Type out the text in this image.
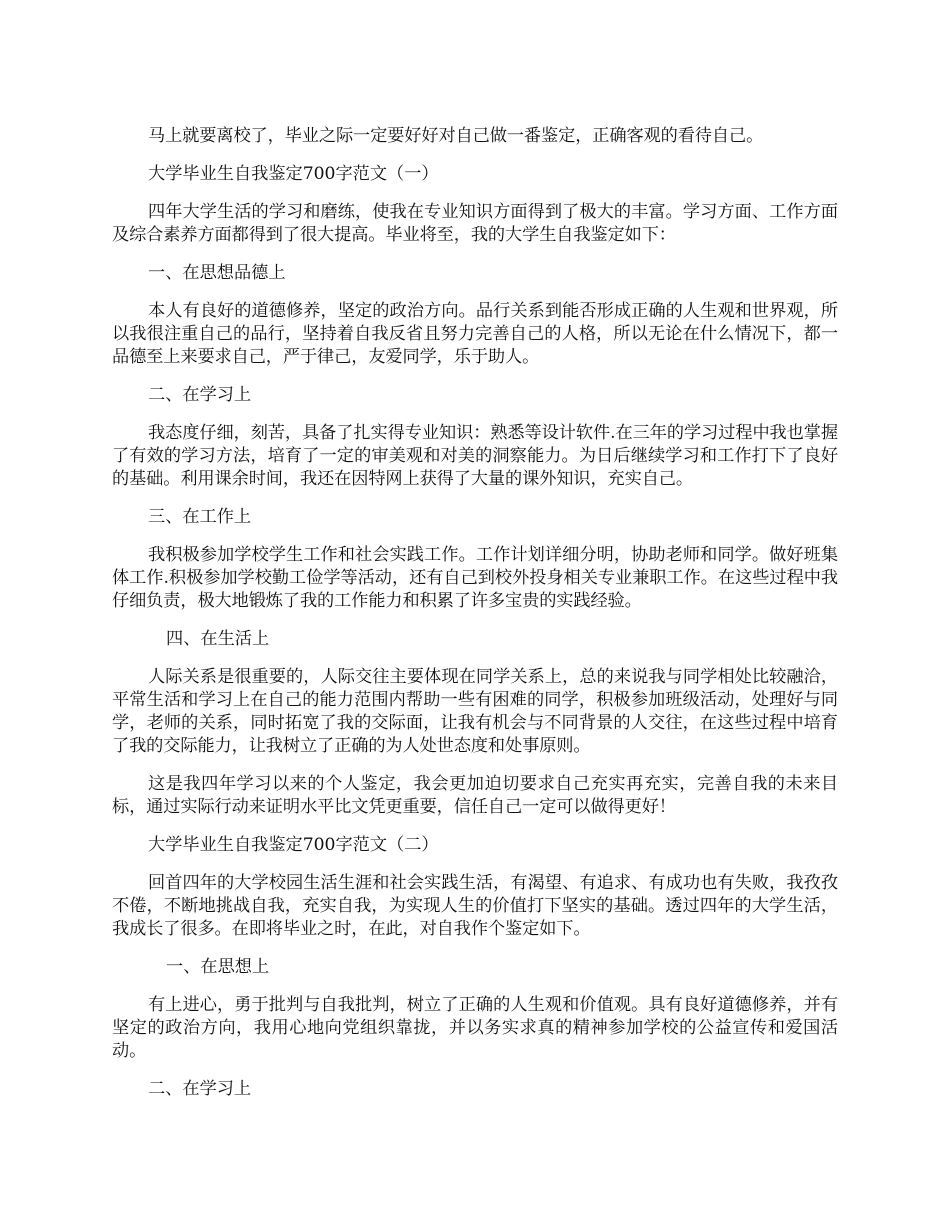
马上就要离校了，毕业之际一定要好好对自己做一番鉴定，正确客观的看待自己。

大学毕业生自我鉴定700字范文（一）

四年大学生活的学习和磨练，使我在专业知识方面得到了极大的丰富。学习方面、工作方面及综合素养方面都得到了很大提高。毕业将至，我的大学生自我鉴定如下：

一、在思想品德上

本人有良好的道德修养，坚定的政治方向。品行关系到能否形成正确的人生观和世界观，所以我很注重自己的品行，坚持着自我反省且努力完善自己的人格，所以无论在什么情况下，都一品德至上来要求自己，严于律己，友爱同学，乐于助人。

二、在学习上

我态度仔细，刻苦，具备了扎实得专业知识：熟悉等设计软件.在三年的学习过程中我也掌握了有效的学习方法，培育了一定的审美观和对美的洞察能力。为日后继续学习和工作打下了良好的基础。利用课余时间，我还在因特网上获得了大量的课外知识，充实自己。

三、在工作上

我积极参加学校学生工作和社会实践工作。工作计划详细分明，协助老师和同学。做好班集体工作.积极参加学校勤工俭学等活动，还有自己到校外投身相关专业兼职工作。在这些过程中我仔细负责，极大地锻炼了我的工作能力和积累了许多宝贵的实践经验。

四、在生活上

人际关系是很重要的，人际交往主要体现在同学关系上，总的来说我与同学相处比较融洽，平常生活和学习上在自己的能力范围内帮助一些有困难的同学，积极参加班级活动，处理好与同学，老师的关系，同时拓宽了我的交际面，让我有机会与不同背景的人交往，在这些过程中培育了我的交际能力，让我树立了正确的为人处世态度和处事原则。

这是我四年学习以来的个人鉴定，我会更加迫切要求自己充实再充实，完善自我的未来目标，通过实际行动来证明水平比文凭更重要，信任自己一定可以做得更好！

大学毕业生自我鉴定700字范文（二）

回首四年的大学校园生活生涯和社会实践生活，有渴望、有追求、有成功也有失败，我孜孜不倦，不断地挑战自我，充实自我，为实现人生的价值打下坚实的基础。透过四年的大学生活，我成长了很多。在即将毕业之时，在此，对自我作个鉴定如下。

一、在思想上

有上进心，勇于批判与自我批判，树立了正确的人生观和价值观。具有良好道德修养，并有坚定的政治方向，我用心地向党组织靠拢，并以务实求真的精神参加学校的公益宣传和爱国活动。

二、在学习上
